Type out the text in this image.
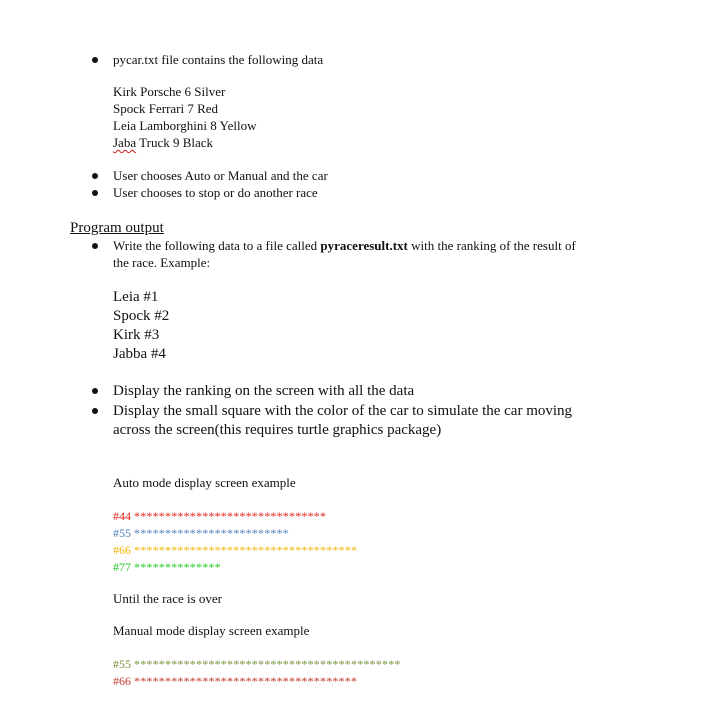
pycar.txt file contains the following data
Kirk Porsche 6 Silver
Spock Ferrari 7 Red
Leia Lamborghini 8 Yellow
Jaba Truck 9 Black
User chooses Auto or Manual and the car
User chooses to stop or do another race
Program output
Write the following data to a file called pyraceresult.txt with the ranking of the result of
the race. Example:
Leia #1
Spock #2
Kirk #3
Jabba #4
Display the ranking on the screen with all the data
Display the small square with the color of the car to simulate the car moving
across the screen(this requires turtle graphics package)
Auto mode display screen example
#44 *******************************
#55 *************************
#66 ************************************
#77 **************
Until the race is over
Manual mode display screen example
#55 *******************************************
#66 ************************************
